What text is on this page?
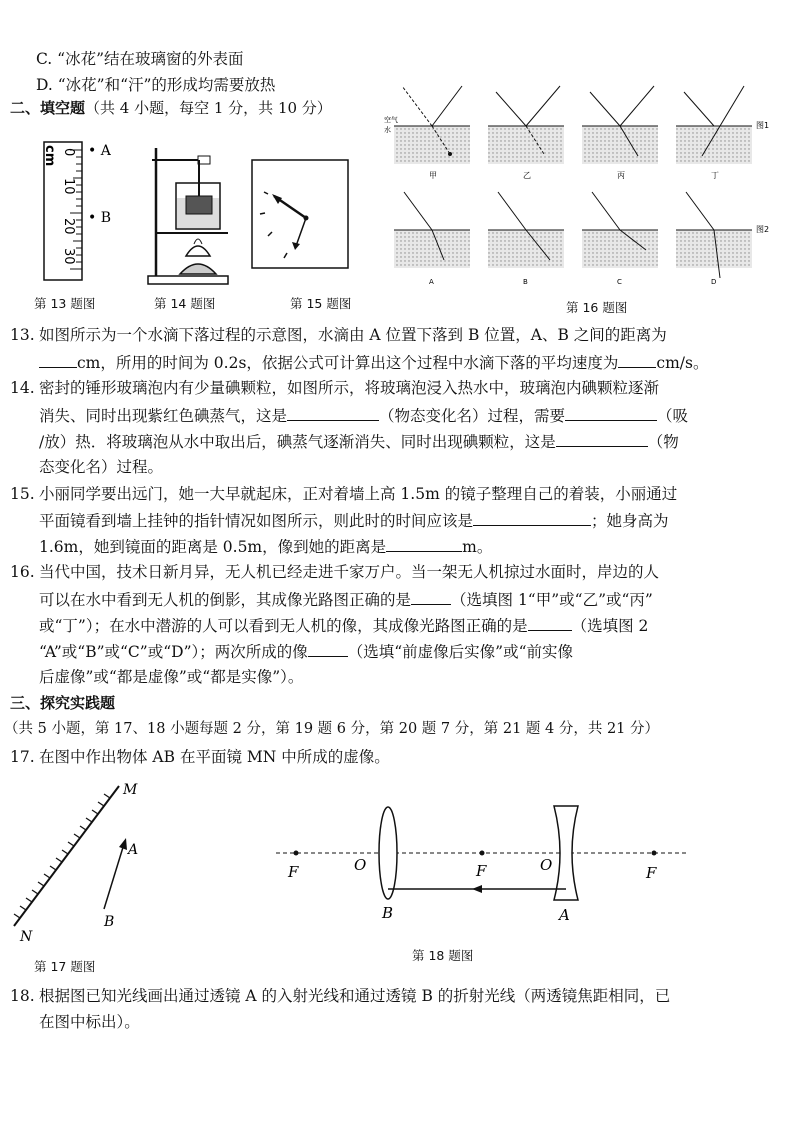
C. “冰花”结在玻璃窗的外表面
D. “冰花”和“汗”的形成均需要放热
二、填空题（共 4 小题，每空 1 分，共 10 分）
0
10
20
30
cm • A
• B
第 13 题图	第 14 题图	第 15 题图
空气
水	图1
甲	乙	丙	丁
图2
A	B	C	D
第 16 题图
13. 如图所示为一个水滴下落过程的示意图，水滴由 A 位置下落到 B 位置，A、B 之间的距离为
cm，所用的时间为 0.2s，依据公式可计算出这个过程中水滴下落的平均速度为 cm/s。
14. 密封的锤形玻璃泡内有少量碘颗粒，如图所示，将玻璃泡浸入热水中，玻璃泡内碘颗粒逐渐
消失、同时出现紫红色碘蒸气，这是	（物态变化名）过程，需要	（吸
/放）热．将玻璃泡从水中取出后，碘蒸气逐渐消失、同时出现碘颗粒，这是	（物
态变化名）过程。
15. 小丽同学要出远门，她一大早就起床，正对着墙上高 1.5m 的镜子整理自己的着装，小丽通过
平面镜看到墙上挂钟的指针情况如图所示，则此时的时间应该是	；她身高为
1.6m，她到镜面的距离是 0.5m，像到她的距离是	m。
16. 当代中国，技术日新月异，无人机已经走进千家万户。当一架无人机掠过水面时，岸边的人
可以在水中看到无人机的倒影，其成像光路图正确的是	（选填图 1“甲”或“乙”或“丙”
或“丁”）；在水中潜游的人可以看到无人机的像，其成像光路图正确的是	（选填图 2
“A”或“B”或“C”或“D”）；两次所成的像	（选填“前虚像后实像”或“前实像
后虚像”或“都是虚像”或“都是实像”）。
三、探究实践题
（共 5 小题，第 17、18 小题每题 2 分，第 19 题 6 分，第 20 题 7 分，第 21 题 4 分，共 21 分）
17. 在图中作出物体 AB 在平面镜 MN 中所成的虚像。
M
N
A
B
第 17 题图
F	O	F	O	F
B	A
第 18 题图
18. 根据图已知光线画出通过透镜 A 的入射光线和通过透镜 B 的折射光线（两透镜焦距相同，已
在图中标出）。
